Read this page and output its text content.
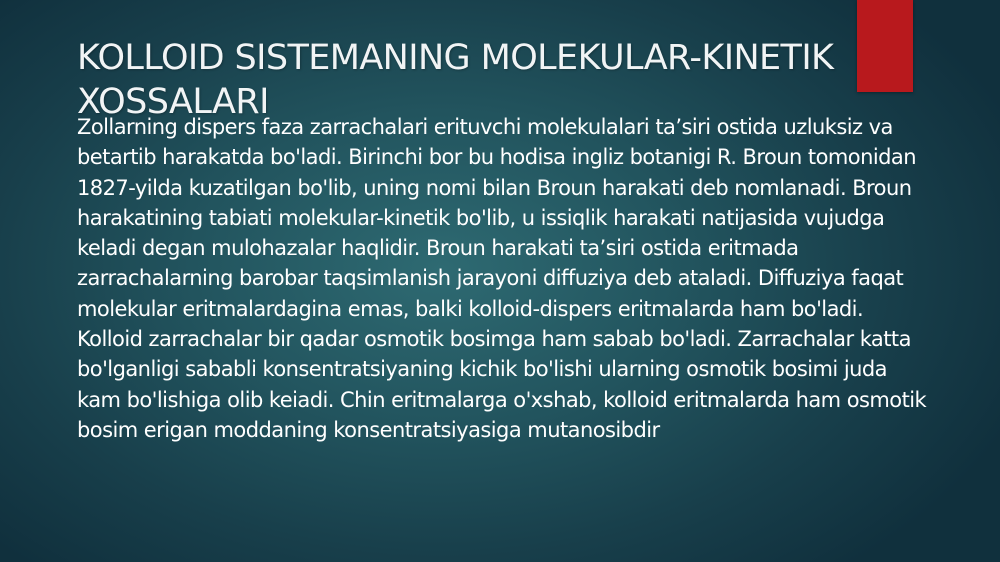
KOLLOID SISTEMANING MOLEKULAR-KINETIK XOSSALARI

Zollarning dispers faza zarrachalari erituvchi molekulalari ta’siri ostida uzluksiz va betartib harakatda bo'ladi. Birinchi bor bu hodisa ingliz botanigi R. Broun tomonidan 1827-yilda kuzatilgan bo'lib, uning nomi bilan Broun harakati deb nomlanadi. Broun harakatining tabiati molekular-kinetik bo'lib, u issiqlik harakati natijasida vujudga keladi degan mulohazalar haqlidir. Broun harakati ta’siri ostida eritmada zarrachalarning barobar taqsimlanish jarayoni diffuziya deb ataladi. Diffuziya faqat molekular eritmalardagina emas, balki kolloid-dispers eritmalarda ham bo'ladi. Kolloid zarrachalar bir qadar osmotik bosimga ham sabab bo'ladi. Zarrachalar katta bo'lganligi sababli konsentratsiyaning kichik bo'lishi ularning osmotik bosimi juda kam bo'lishiga olib keiadi. Chin eritmalarga o'xshab, kolloid eritmalarda ham osmotik bosim erigan moddaning konsentratsiyasiga mutanosibdir
